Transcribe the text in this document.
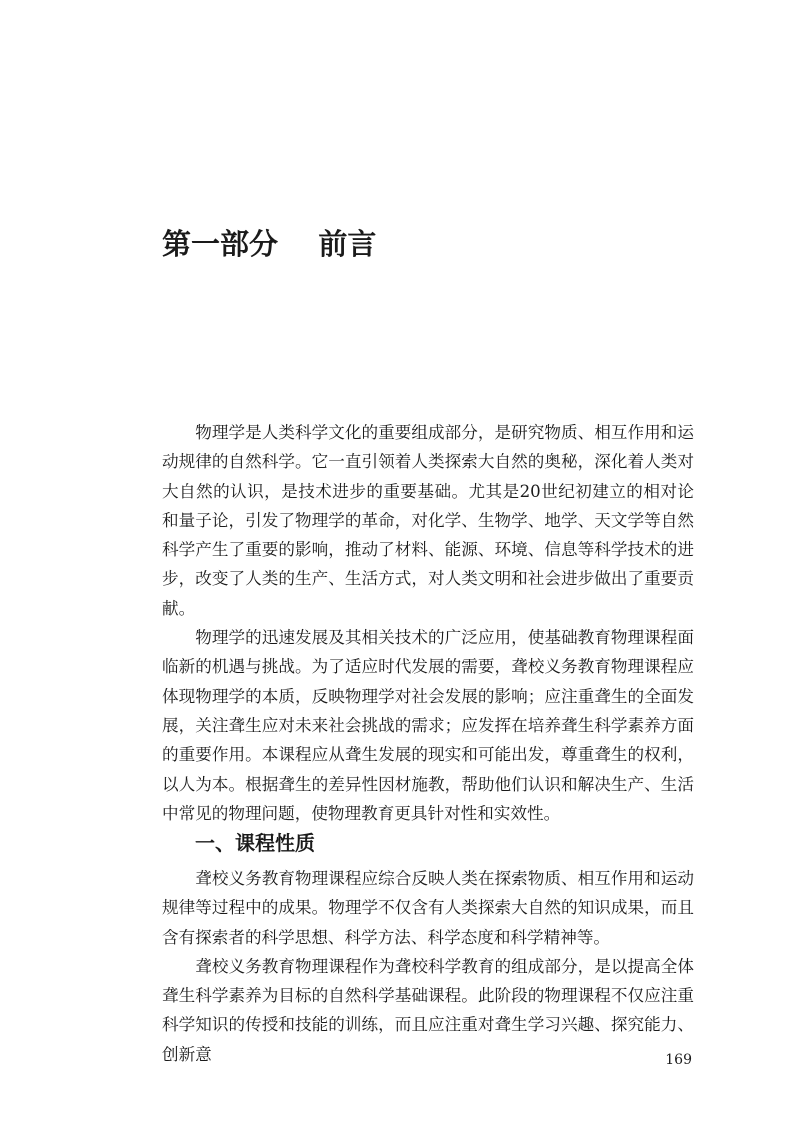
第一部分    前言

物理学是人类科学文化的重要组成部分，是研究物质、相互作用和运动规律的自然科学。它一直引领着人类探索大自然的奥秘，深化着人类对大自然的认识，是技术进步的重要基础。尤其是20世纪初建立的相对论和量子论，引发了物理学的革命，对化学、生物学、地学、天文学等自然科学产生了重要的影响，推动了材料、能源、环境、信息等科学技术的进步，改变了人类的生产、生活方式，对人类文明和社会进步做出了重要贡献。

物理学的迅速发展及其相关技术的广泛应用，使基础教育物理课程面临新的机遇与挑战。为了适应时代发展的需要，聋校义务教育物理课程应体现物理学的本质，反映物理学对社会发展的影响；应注重聋生的全面发展，关注聋生应对未来社会挑战的需求；应发挥在培养聋生科学素养方面的重要作用。本课程应从聋生发展的现实和可能出发，尊重聋生的权利，以人为本。根据聋生的差异性因材施教，帮助他们认识和解决生产、生活中常见的物理问题，使物理教育更具针对性和实效性。

一、课程性质

聋校义务教育物理课程应综合反映人类在探索物质、相互作用和运动规律等过程中的成果。物理学不仅含有人类探索大自然的知识成果，而且含有探索者的科学思想、科学方法、科学态度和科学精神等。

聋校义务教育物理课程作为聋校科学教育的组成部分，是以提高全体聋生科学素养为目标的自然科学基础课程。此阶段的物理课程不仅应注重科学知识的传授和技能的训练，而且应注重对聋生学习兴趣、探究能力、创新意	169
